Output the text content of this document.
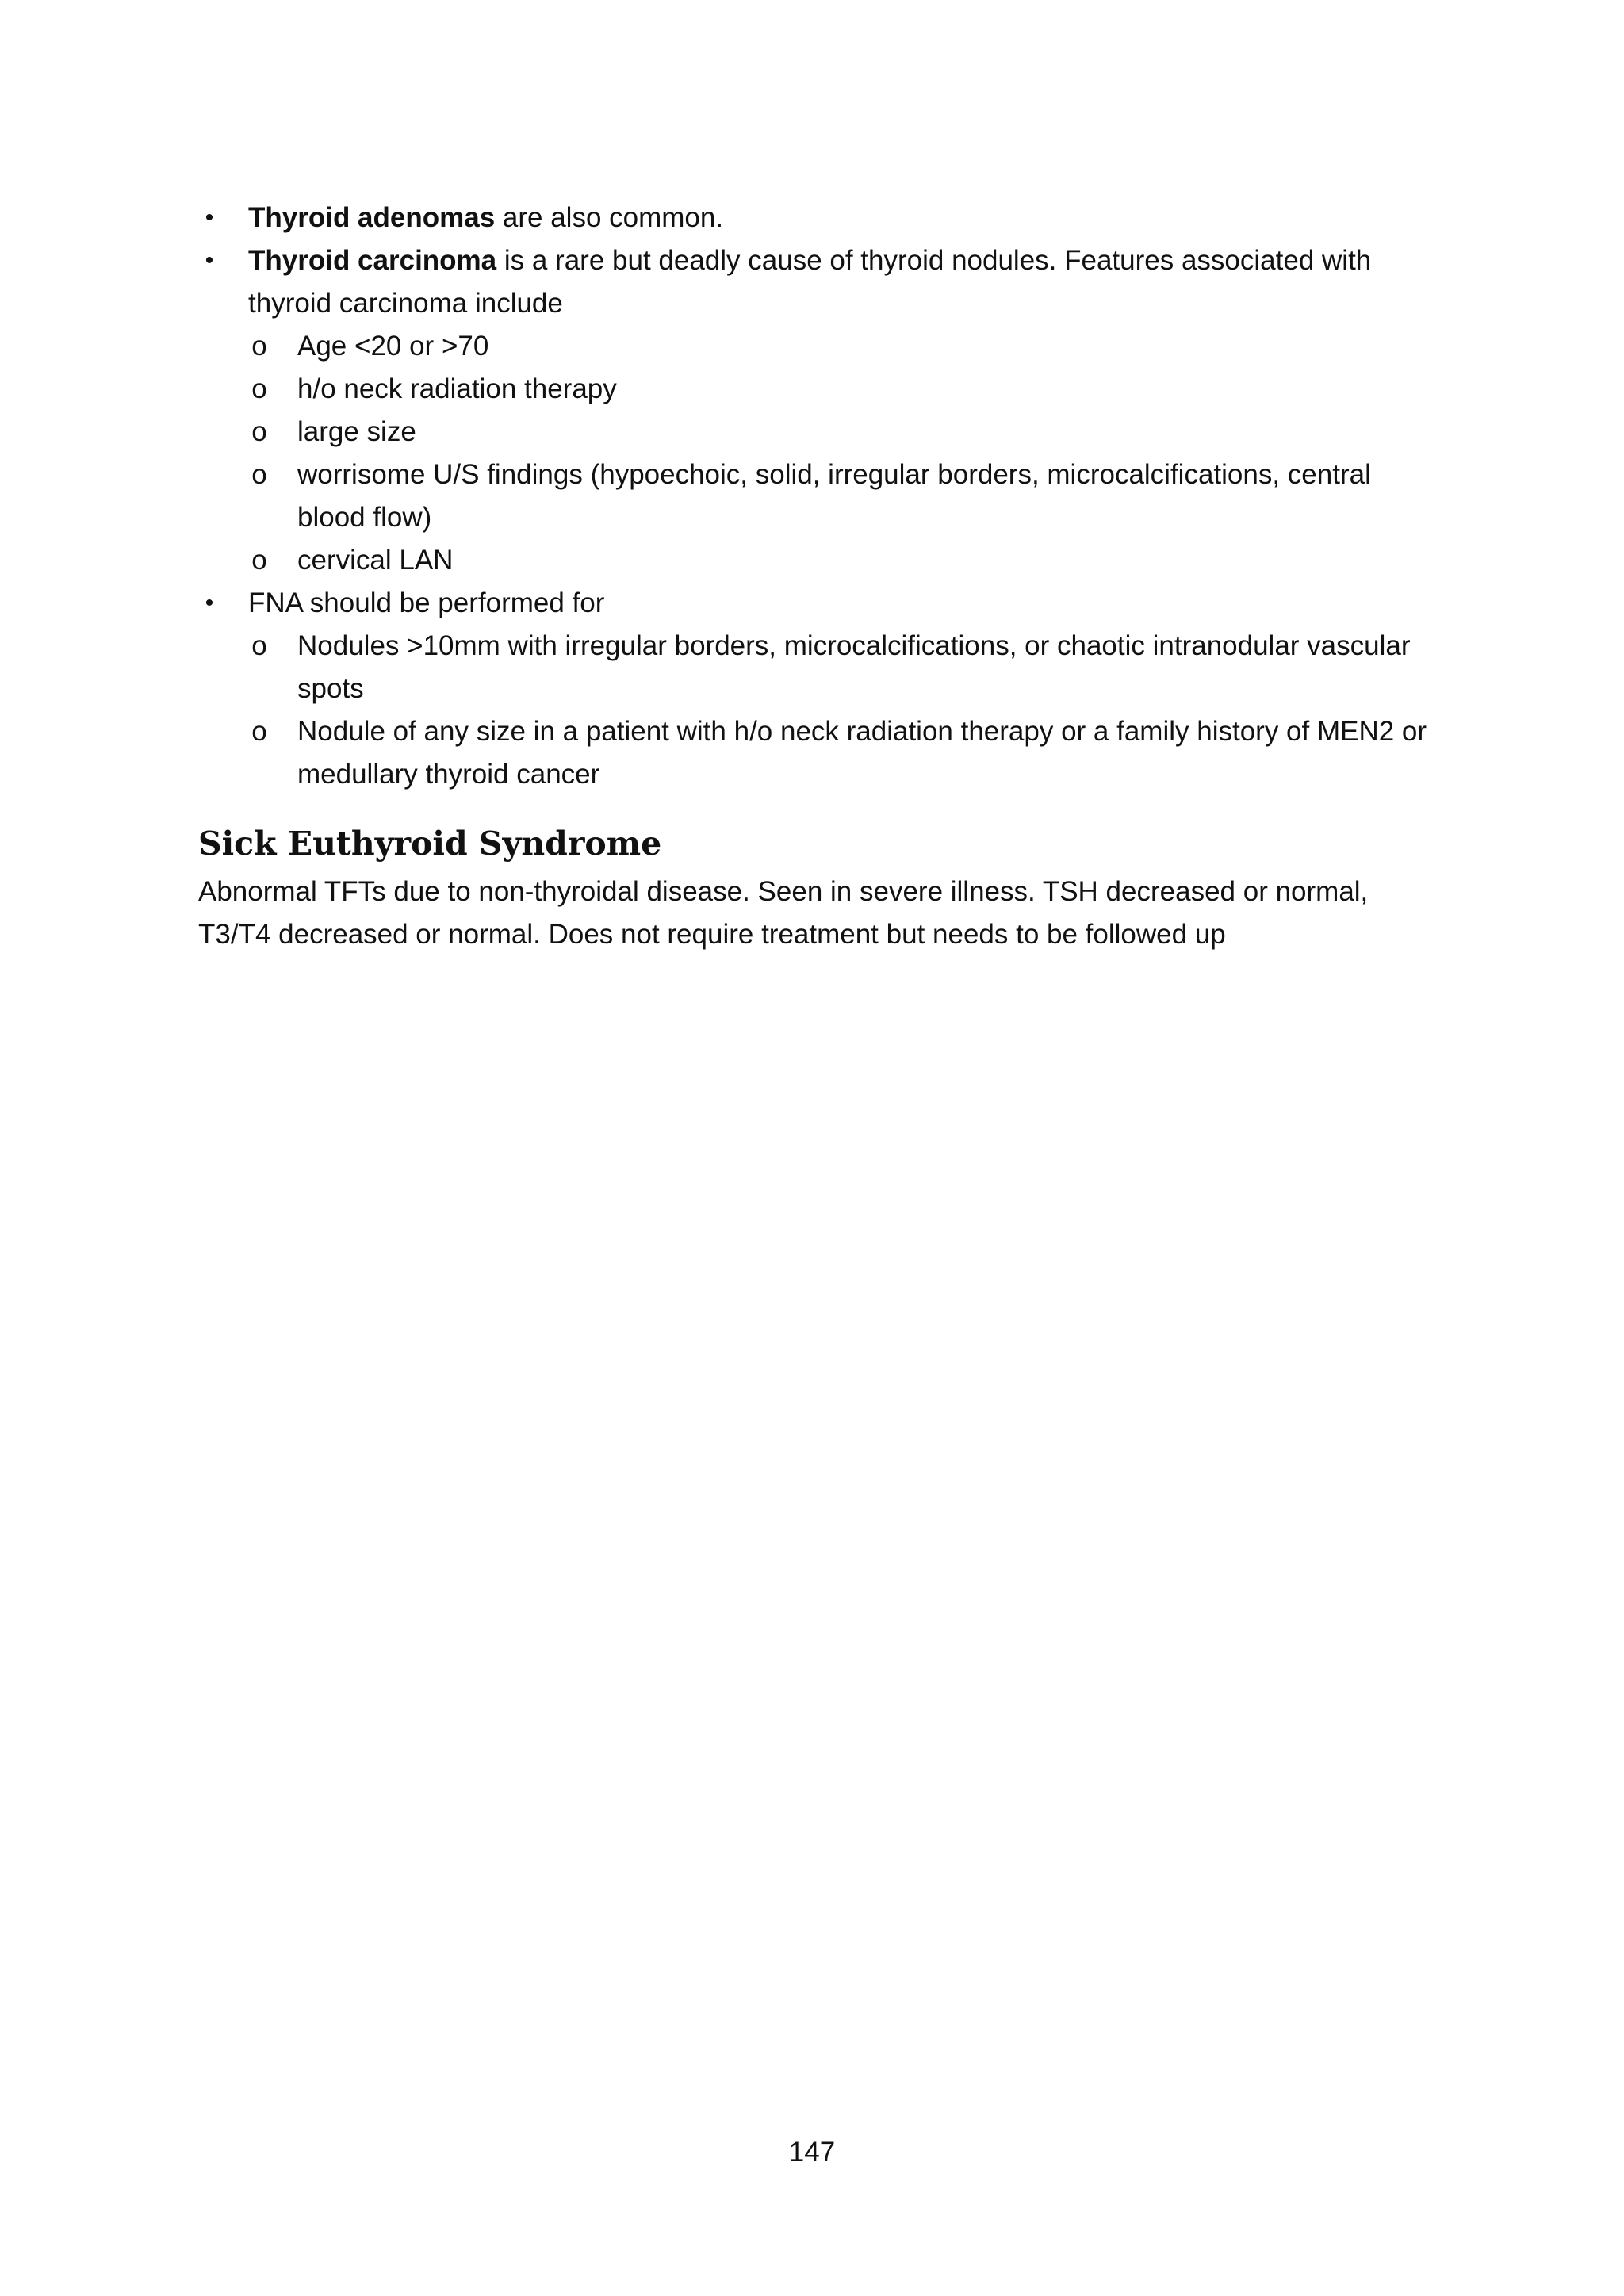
• Thyroid adenomas are also common.
• Thyroid carcinoma is a rare but deadly cause of thyroid nodules. Features associated with thyroid carcinoma include
o Age <20 or >70
o h/o neck radiation therapy
o large size
o worrisome U/S findings (hypoechoic, solid, irregular borders, microcalcifications, central blood flow)
o cervical LAN
• FNA should be performed for
o Nodules >10mm with irregular borders, microcalcifications, or chaotic intranodular vascular spots
o Nodule of any size in a patient with h/o neck radiation therapy or a family history of MEN2 or medullary thyroid cancer
Sick Euthyroid Syndrome

Abnormal TFTs due to non-thyroidal disease. Seen in severe illness. TSH decreased or normal, T3/T4 decreased or normal. Does not require treatment but needs to be followed up

147
